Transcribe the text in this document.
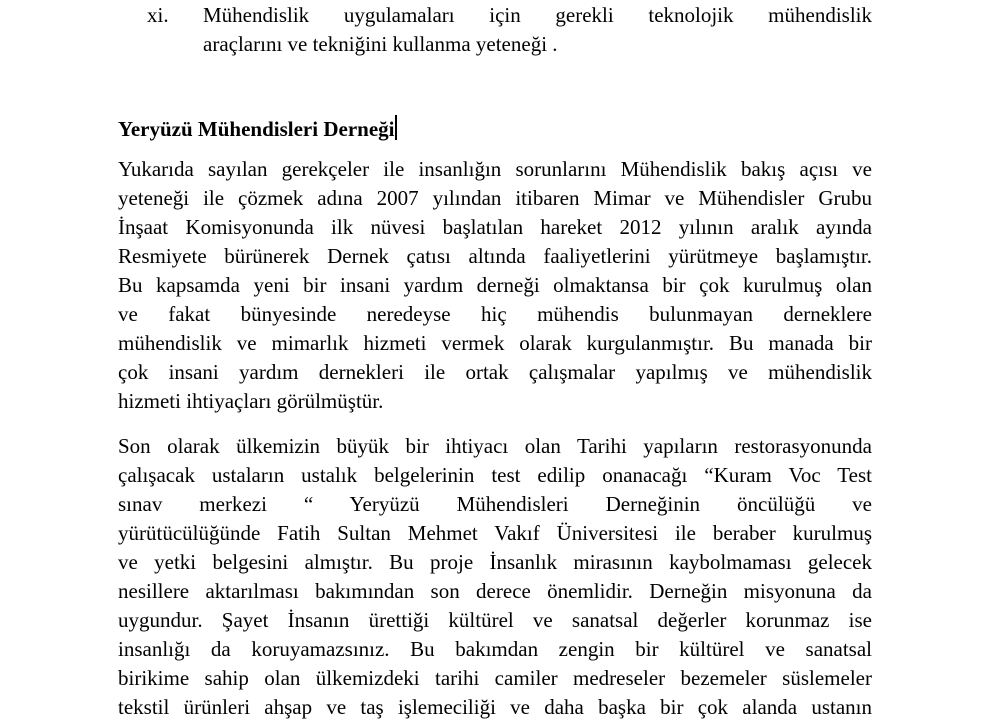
xi.	Mühendislik uygulamaları için gerekli teknolojik mühendislik
araçlarını ve tekniğini kullanma yeteneği .
Yeryüzü Mühendisleri Derneği
Yukarıda sayılan gerekçeler ile insanlığın sorunlarını Mühendislik bakış açısı ve
yeteneği ile çözmek adına 2007 yılından itibaren Mimar ve Mühendisler Grubu
İnşaat Komisyonunda ilk nüvesi başlatılan hareket 2012 yılının aralık ayında
Resmiyete bürünerek Dernek çatısı altında faaliyetlerini yürütmeye başlamıştır.
Bu kapsamda yeni bir insani yardım derneği olmaktansa bir çok kurulmuş olan
ve fakat bünyesinde neredeyse hiç mühendis bulunmayan derneklere
mühendislik ve mimarlık hizmeti vermek olarak kurgulanmıştır. Bu manada bir
çok insani yardım dernekleri ile ortak çalışmalar yapılmış ve mühendislik
hizmeti ihtiyaçları görülmüştür.
Son olarak ülkemizin büyük bir ihtiyacı olan Tarihi yapıların restorasyonunda
çalışacak ustaların ustalık belgelerinin test edilip onanacağı “Kuram Voc Test
sınav merkezi “ Yeryüzü Mühendisleri Derneğinin öncülüğü ve
yürütücülüğünde Fatih Sultan Mehmet Vakıf Üniversitesi ile beraber kurulmuş
ve yetki belgesini almıştır. Bu proje İnsanlık mirasının kaybolmaması gelecek
nesillere aktarılması bakımından son derece önemlidir. Derneğin misyonuna da
uygundur. Şayet İnsanın ürettiği kültürel ve sanatsal değerler korunmaz ise
insanlığı da koruyamazsınız. Bu bakımdan zengin bir kültürel ve sanatsal
birikime sahip olan ülkemizdeki tarihi camiler medreseler bezemeler süslemeler
tekstil ürünleri ahşap ve taş işlemeciliği ve daha başka bir çok alanda ustanın
